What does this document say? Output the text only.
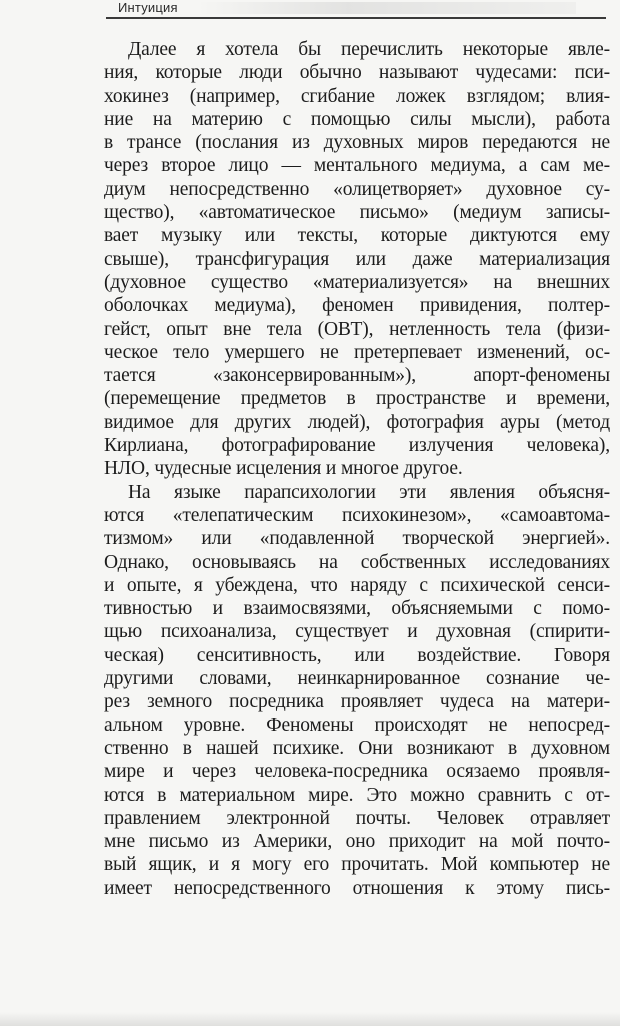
Интуиция
Далее я хотела бы перечислить некоторые явле-
ния, которые люди обычно называют чудесами: пси-
хокинез (например, сгибание ложек взглядом; влия-
ние на материю с помощью силы мысли), работа
в трансе (послания из духовных миров передаются не
через второе лицо — ментального медиума, а сам ме-
диум непосредственно «олицетворяет» духовное су-
щество), «автоматическое письмо» (медиум записы-
вает музыку или тексты, которые диктуются ему
свыше), трансфигурация или даже материализация
(духовное существо «материализуется» на внешних
оболочках медиума), феномен привидения, полтер-
гейст, опыт вне тела (ОВТ), нетленность тела (физи-
ческое тело умершего не претерпевает изменений, ос-
тается «законсервированным»), апорт-феномены
(перемещение предметов в пространстве и времени,
видимое для других людей), фотография ауры (метод
Кирлиана, фотографирование излучения человека),
НЛО, чудесные исцеления и многое другое.
На языке парапсихологии эти явления объясня-
ются «телепатическим психокинезом», «самоавтома-
тизмом» или «подавленной творческой энергией».
Однако, основываясь на собственных исследованиях
и опыте, я убеждена, что наряду с психической сенси-
тивностью и взаимосвязями, объясняемыми с помо-
щью психоанализа, существует и духовная (спирити-
ческая) сенситивность, или воздействие. Говоря
другими словами, неинкарнированное сознание че-
рез земного посредника проявляет чудеса на матери-
альном уровне. Феномены происходят не непосред-
ственно в нашей психике. Они возникают в духовном
мире и через человека-посредника осязаемо проявля-
ются в материальном мире. Это можно сравнить с от-
правлением электронной почты. Человек отравляет
мне письмо из Америки, оно приходит на мой почто-
вый ящик, и я могу его прочитать. Мой компьютер не
имеет непосредственного отношения к этому пись-
